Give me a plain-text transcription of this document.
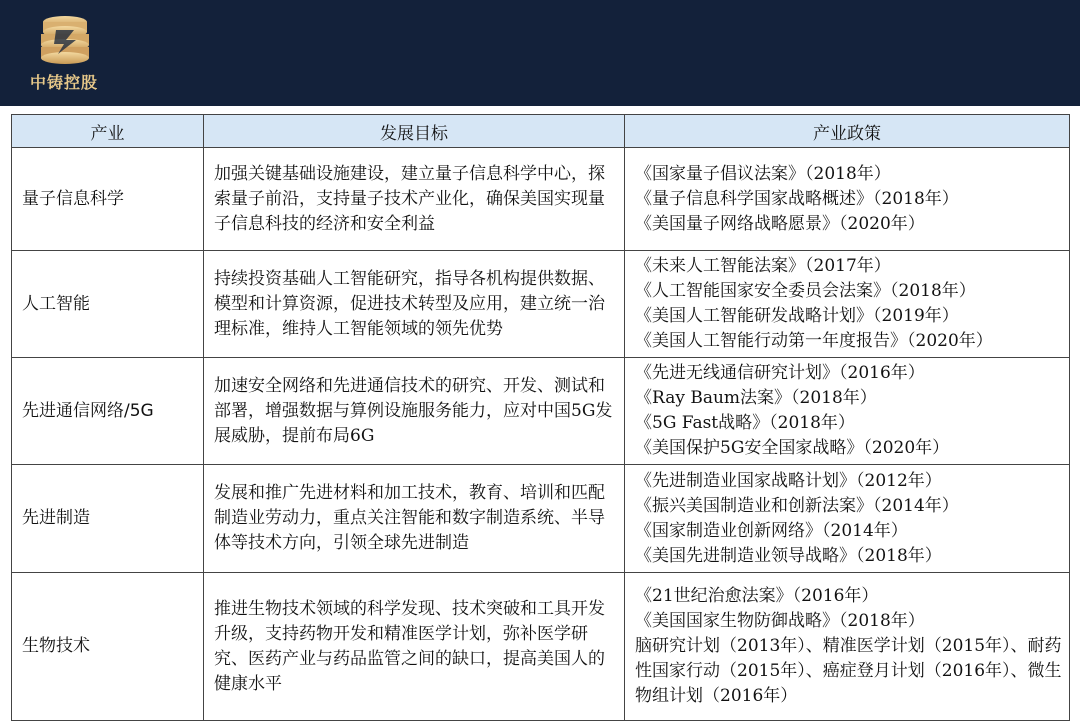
中铸控股
产业	发展目标	产业政策
量子信息科学	加强关键基础设施建设，建立量子信息科学中心，探索量子前沿，支持量子技术产业化，确保美国实现量子信息科技的经济和安全利益	《国家量子倡议法案》（2018年）
《量子信息科学国家战略概述》（2018年）
《美国量子网络战略愿景》（2020年）

人工智能	持续投资基础人工智能研究，指导各机构提供数据、模型和计算资源，促进技术转型及应用，建立统一治理标准，维持人工智能领域的领先优势	《未来人工智能法案》（2017年）
《人工智能国家安全委员会法案》（2018年）
《美国人工智能研发战略计划》（2019年）
《美国人工智能行动第一年度报告》（2020年）

先进通信网络/5G	加速安全网络和先进通信技术的研究、开发、测试和部署，增强数据与算例设施服务能力，应对中国5G发展威胁，提前布局6G	《先进无线通信研究计划》（2016年）
《Ray Baum法案》（2018年）
《5G Fast战略》（2018年）
《美国保护5G安全国家战略》（2020年）

先进制造	发展和推广先进材料和加工技术，教育、培训和匹配制造业劳动力，重点关注智能和数字制造系统、半导体等技术方向，引领全球先进制造	《先进制造业国家战略计划》（2012年）
《振兴美国制造业和创新法案》（2014年）
《国家制造业创新网络》（2014年）
《美国先进制造业领导战略》（2018年）

生物技术	推进生物技术领域的科学发现、技术突破和工具开发升级，支持药物开发和精准医学计划，弥补医学研究、医药产业与药品监管之间的缺口，提高美国人的健康水平	《21世纪治愈法案》（2016年）
《美国国家生物防御战略》（2018年）
脑研究计划（2013年）、精准医学计划（2015年）、耐药性国家行动（2015年）、癌症登月计划（2016年）、微生物组计划（2016年）
